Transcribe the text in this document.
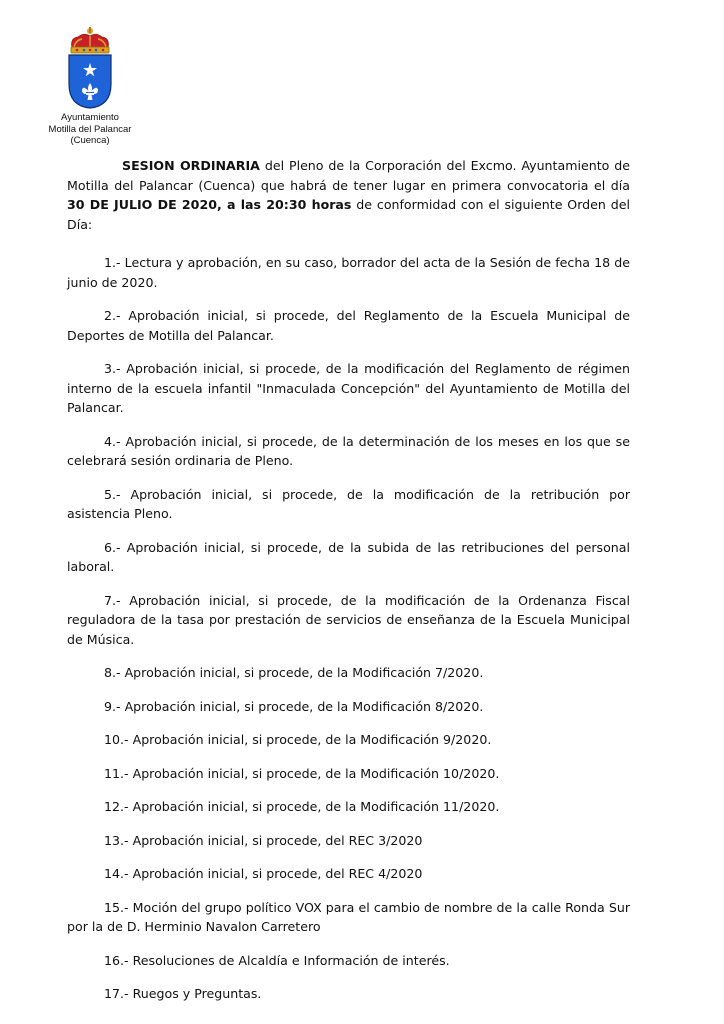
Ayuntamiento
Motilla del Palancar
(Cuenca)

SESION ORDINARIA del Pleno de la Corporación del Excmo. Ayuntamiento de Motilla del Palancar (Cuenca) que habrá de tener lugar en primera convocatoria el día 30 DE JULIO DE 2020, a las 20:30 horas de conformidad con el siguiente Orden del Día:

1.- Lectura y aprobación, en su caso, borrador del acta de la Sesión de fecha 18 de junio de 2020.

2.- Aprobación inicial, si procede, del Reglamento de la Escuela Municipal de Deportes de Motilla del Palancar.

3.- Aprobación inicial, si procede, de la modificación del Reglamento de régimen interno de la escuela infantil "Inmaculada Concepción" del Ayuntamiento de Motilla del Palancar.

4.- Aprobación inicial, si procede, de la determinación de los meses en los que se celebrará sesión ordinaria de Pleno.

5.- Aprobación inicial, si procede, de la modificación de la retribución por asistencia Pleno.

6.- Aprobación inicial, si procede, de la subida de las retribuciones del personal laboral.

7.- Aprobación inicial, si procede, de la modificación de la Ordenanza Fiscal reguladora de la tasa por prestación de servicios de enseñanza de la Escuela Municipal de Música.

8.- Aprobación inicial, si procede, de la Modificación 7/2020.

9.- Aprobación inicial, si procede, de la Modificación 8/2020.

10.- Aprobación inicial, si procede, de la Modificación 9/2020.

11.- Aprobación inicial, si procede, de la Modificación 10/2020.

12.- Aprobación inicial, si procede, de la Modificación 11/2020.

13.- Aprobación inicial, si procede, del REC 3/2020

14.- Aprobación inicial, si procede, del REC 4/2020

15.- Moción del grupo político VOX para el cambio de nombre de la calle Ronda Sur por la de D. Herminio Navalon Carretero

16.- Resoluciones de Alcaldía e Información de interés.

17.- Ruegos y Preguntas.
